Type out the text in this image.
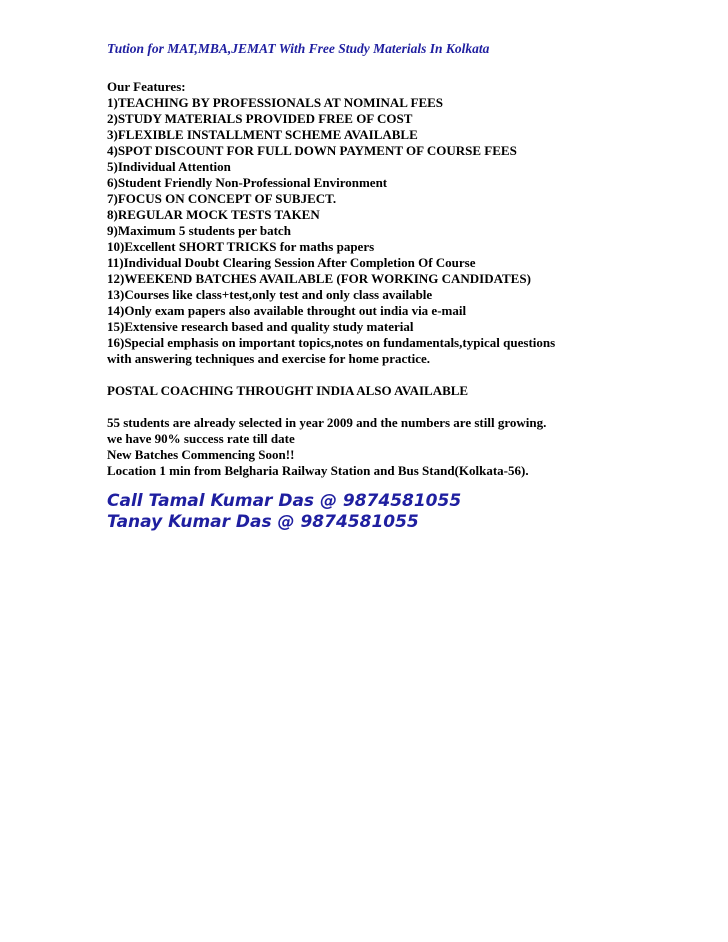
Tution for MAT,MBA,JEMAT With Free Study Materials In Kolkata
Our Features:
1)TEACHING BY PROFESSIONALS AT NOMINAL FEES
2)STUDY MATERIALS PROVIDED FREE OF COST
3)FLEXIBLE INSTALLMENT SCHEME AVAILABLE
4)SPOT DISCOUNT FOR FULL DOWN PAYMENT OF COURSE FEES
5)Individual Attention
6)Student Friendly Non-Professional Environment
7)FOCUS ON CONCEPT OF SUBJECT.
8)REGULAR MOCK TESTS TAKEN
9)Maximum 5 students per batch
10)Excellent SHORT TRICKS for maths papers
11)Individual Doubt Clearing Session After Completion Of Course
12)WEEKEND BATCHES AVAILABLE (FOR WORKING CANDIDATES)
13)Courses like class+test,only test and only class available
14)Only exam papers also available throught out india via e-mail
15)Extensive research based and quality study material
16)Special emphasis on important topics,notes on fundamentals,typical questions
with answering techniques and exercise for home practice.
POSTAL COACHING THROUGHT INDIA ALSO AVAILABLE
55 students are already selected in year 2009 and the numbers are still growing.
we have 90% success rate till date
New Batches Commencing Soon!!
Location 1 min from Belgharia Railway Station and Bus Stand(Kolkata-56).
Call Tamal Kumar Das @ 9874581055
Tanay Kumar Das @ 9874581055
